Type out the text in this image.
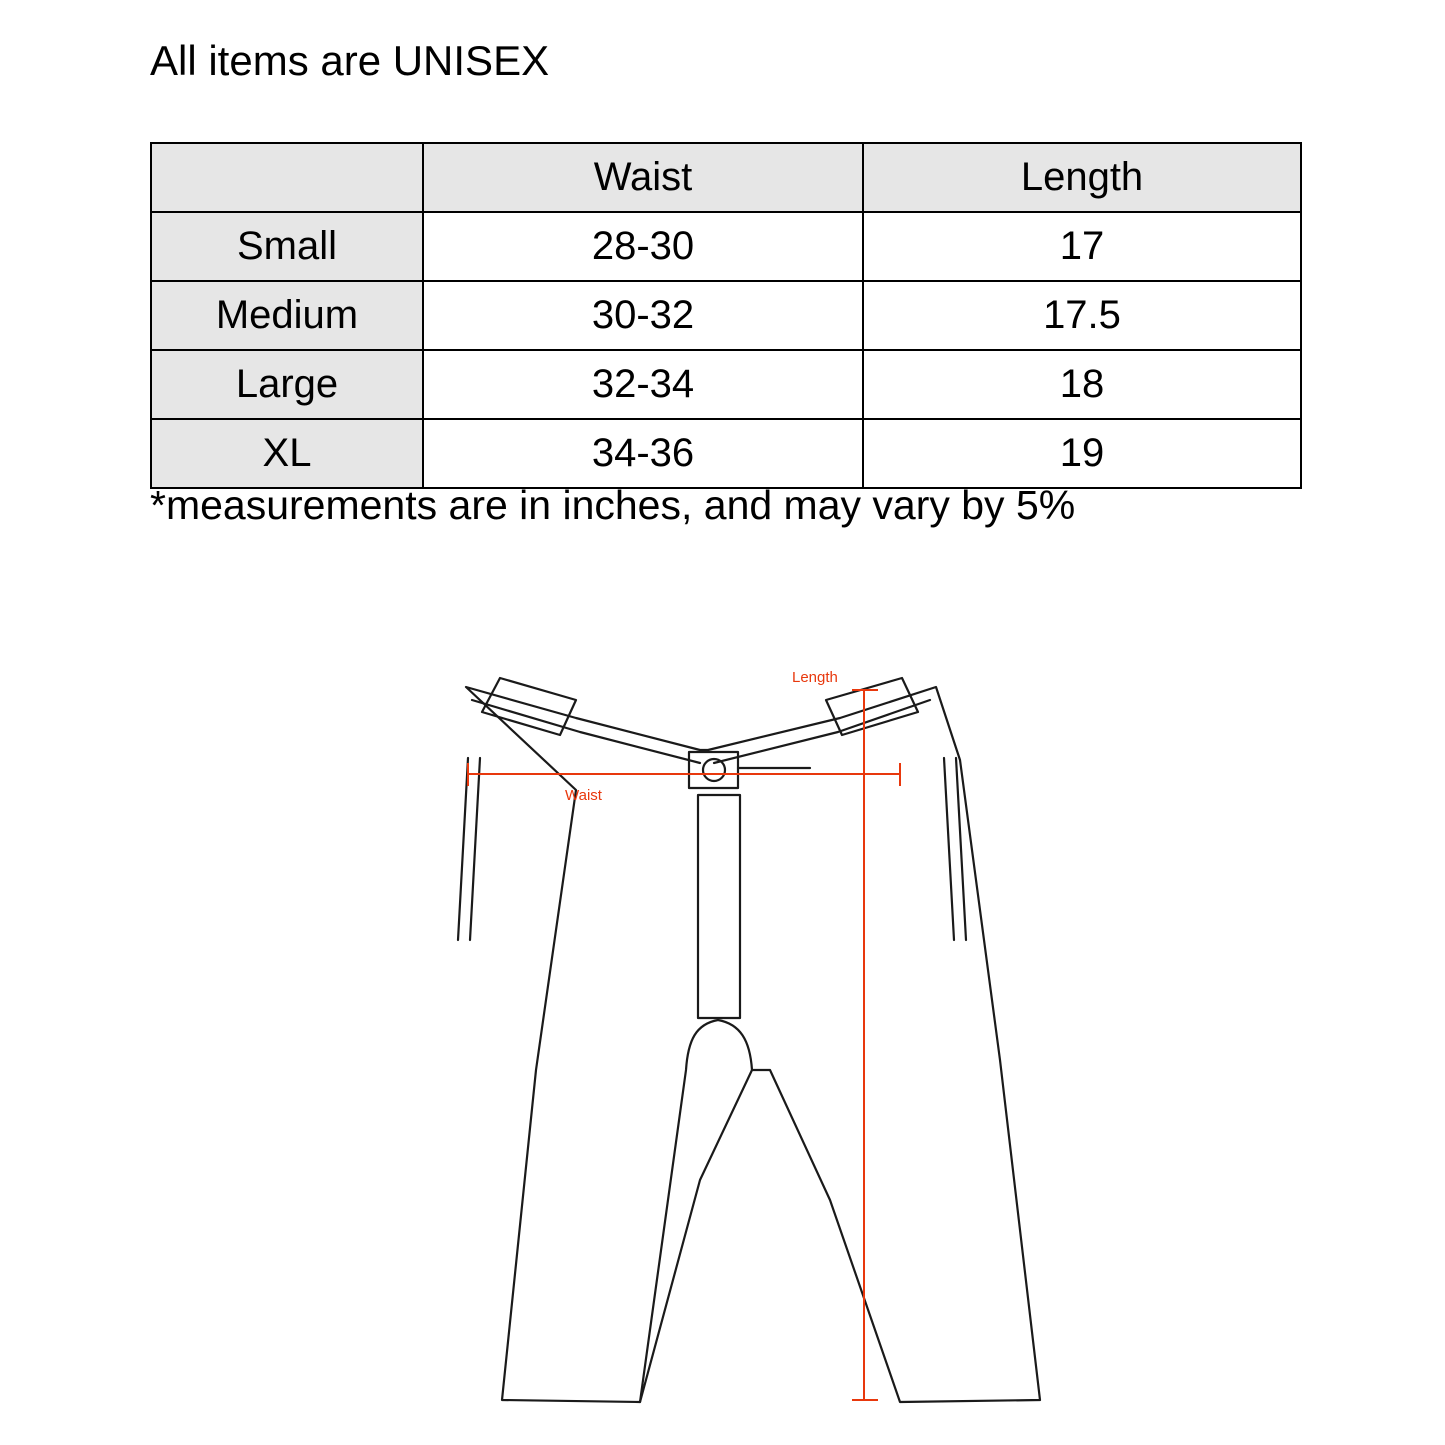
All items are UNISEX
	Waist	Length
Small	28-30	17
Medium	30-32	17.5
Large	32-34	18
XL	34-36	19
*measurements are in inches, and may vary by 5%
Waist
Length
